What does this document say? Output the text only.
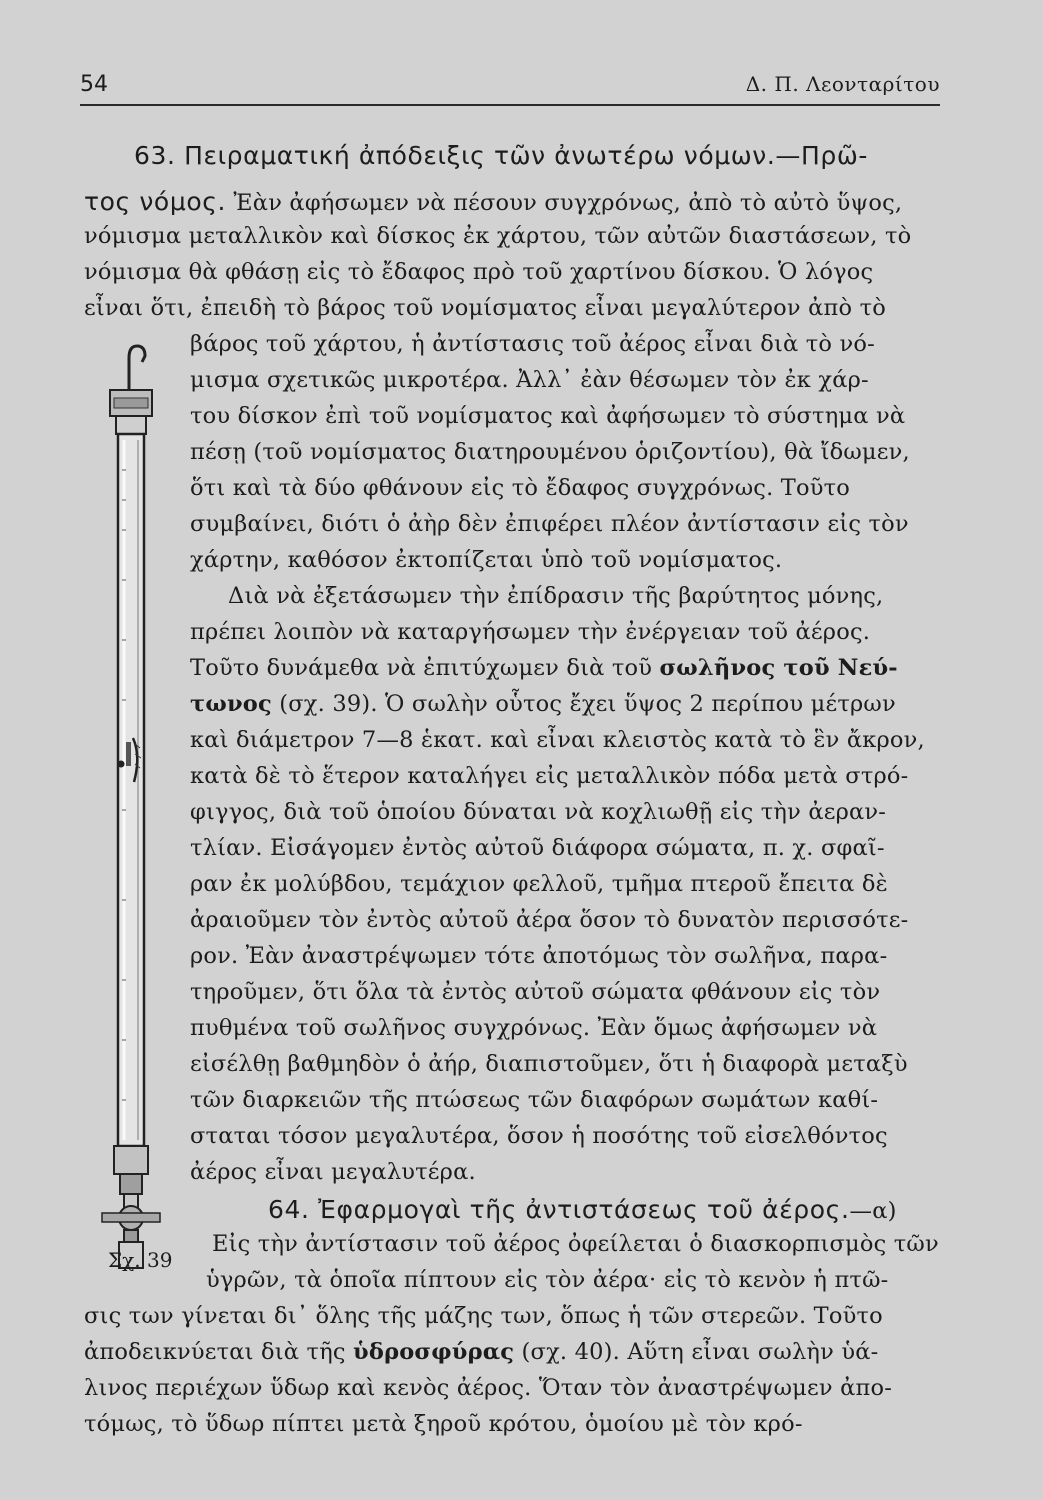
54	Δ. Π. Λεονταρίτου
Σχ. 39
63. Πειραματική ἀπόδειξις τῶν ἀνωτέρω νόμων.—Πρῶ-
τος νόμος. Ἐὰν ἀφήσωμεν νὰ πέσουν συγχρόνως, ἀπὸ τὸ αὐτὸ ὕψος,
νόμισμα μεταλλικὸν καὶ δίσκος ἐκ χάρτου, τῶν αὐτῶν διαστάσεων, τὸ
νόμισμα θὰ φθάσῃ εἰς τὸ ἔδαφος πρὸ τοῦ χαρτίνου δίσκου. Ὁ λόγος
εἶναι ὅτι, ἐπειδὴ τὸ βάρος τοῦ νομίσματος εἶναι μεγαλύτερον ἀπὸ τὸ
βάρος τοῦ χάρτου, ἡ ἀντίστασις τοῦ ἀέρος εἶναι διὰ τὸ νό-
μισμα σχετικῶς μικροτέρα. Ἀλλ᾽ ἐὰν θέσωμεν τὸν ἐκ χάρ-
του δίσκον ἐπὶ τοῦ νομίσματος καὶ ἀφήσωμεν τὸ σύστημα νὰ
πέσῃ (τοῦ νομίσματος διατηρουμένου ὁριζοντίου), θὰ ἴδωμεν,
ὅτι καὶ τὰ δύο φθάνουν εἰς τὸ ἔδαφος συγχρόνως. Τοῦτο
συμβαίνει, διότι ὁ ἀὴρ δὲν ἐπιφέρει πλέον ἀντίστασιν εἰς τὸν
χάρτην, καθόσον ἐκτοπίζεται ὑπὸ τοῦ νομίσματος.
Διὰ νὰ ἐξετάσωμεν τὴν ἐπίδρασιν τῆς βαρύτητος μόνης,
πρέπει λοιπὸν νὰ καταργήσωμεν τὴν ἐνέργειαν τοῦ ἀέρος.
Τοῦτο δυνάμεθα νὰ ἐπιτύχωμεν διὰ τοῦ σωλῆνος τοῦ Νεύ-
τωνος (σχ. 39). Ὁ σωλὴν οὗτος ἔχει ὕψος 2 περίπου μέτρων
καὶ διάμετρον 7—8 ἑκατ. καὶ εἶναι κλειστὸς κατὰ τὸ ἓν ἄκρον,
κατὰ δὲ τὸ ἕτερον καταλήγει εἰς μεταλλικὸν πόδα μετὰ στρό-
φιγγος, διὰ τοῦ ὁποίου δύναται νὰ κοχλιωθῇ εἰς τὴν ἀεραν-
τλίαν. Εἰσάγομεν ἐντὸς αὐτοῦ διάφορα σώματα, π. χ. σφαῖ-
ραν ἐκ μολύβδου, τεμάχιον φελλοῦ, τμῆμα πτεροῦ ἔπειτα δὲ
ἀραιοῦμεν τὸν ἐντὸς αὐτοῦ ἀέρα ὅσον τὸ δυνατὸν περισσότε-
ρον. Ἐὰν ἀναστρέψωμεν τότε ἀποτόμως τὸν σωλῆνα, παρα-
τηροῦμεν, ὅτι ὅλα τὰ ἐντὸς αὐτοῦ σώματα φθάνουν εἰς τὸν
πυθμένα τοῦ σωλῆνος συγχρόνως. Ἐὰν ὅμως ἀφήσωμεν νὰ
εἰσέλθῃ βαθμηδὸν ὁ ἀήρ, διαπιστοῦμεν, ὅτι ἡ διαφορὰ μεταξὺ
τῶν διαρκειῶν τῆς πτώσεως τῶν διαφόρων σωμάτων καθί-
σταται τόσον μεγαλυτέρα, ὅσον ἡ ποσότης τοῦ εἰσελθόντος
ἀέρος εἶναι μεγαλυτέρα.
64. Ἐφαρμογαὶ τῆς ἀντιστάσεως τοῦ ἀέρος.—α)
Εἰς τὴν ἀντίστασιν τοῦ ἀέρος ὀφείλεται ὁ διασκορπισμὸς τῶν
ὑγρῶν, τὰ ὁποῖα πίπτουν εἰς τὸν ἀέρα· εἰς τὸ κενὸν ἡ πτῶ-
σις των γίνεται δι᾽ ὅλης τῆς μάζης των, ὅπως ἡ τῶν στερεῶν. Τοῦτο
ἀποδεικνύεται διὰ τῆς ὑδροσφύρας (σχ. 40). Αὕτη εἶναι σωλὴν ὑά-
λινος περιέχων ὕδωρ καὶ κενὸς ἀέρος. Ὅταν τὸν ἀναστρέψωμεν ἀπο-
τόμως, τὸ ὕδωρ πίπτει μετὰ ξηροῦ κρότου, ὁμοίου μὲ τὸν κρό-
